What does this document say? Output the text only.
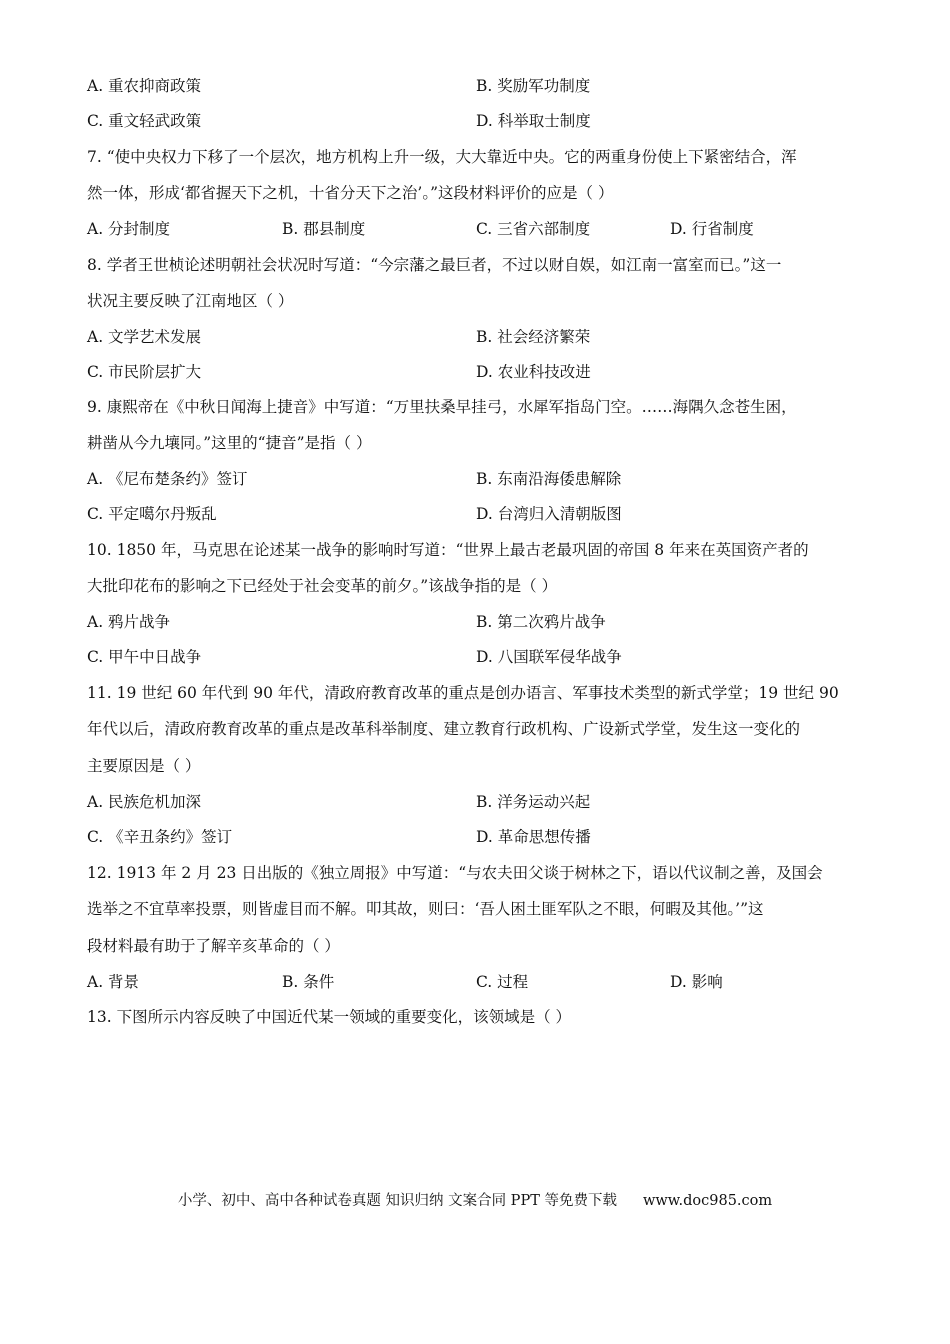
A. 重农抑商政策	B. 奖励军功制度
C. 重文轻武政策	D. 科举取士制度
7. “使中央权力下移了一个层次，地方机构上升一级，大大靠近中央。它的两重身份使上下紧密结合，浑
然一体，形成‘都省握天下之机，十省分天下之治’。”这段材料评价的应是（ ）
A. 分封制度	B. 郡县制度	C. 三省六部制度	D. 行省制度
8. 学者王世桢论述明朝社会状况时写道：“今宗藩之最巨者，不过以财自娱，如江南一富室而已。”这一
状况主要反映了江南地区（ ）
A. 文学艺术发展	B. 社会经济繁荣
C. 市民阶层扩大	D. 农业科技改进
9. 康熙帝在《中秋日闻海上捷音》中写道：“万里扶桑早挂弓，水犀军指岛门空。……海隅久念苍生困，
耕凿从今九壤同。”这里的“捷音”是指（ ）
A. 《尼布楚条约》签订	B. 东南沿海倭患解除
C. 平定噶尔丹叛乱	D. 台湾归入清朝版图
10. 1850 年，马克思在论述某一战争的影响时写道：“世界上最古老最巩固的帝国 8 年来在英国资产者的
大批印花布的影响之下已经处于社会变革的前夕。”该战争指的是（ ）
A. 鸦片战争	B. 第二次鸦片战争
C. 甲午中日战争	D. 八国联军侵华战争
11. 19 世纪 60 年代到 90 年代，清政府教育改革的重点是创办语言、军事技术类型的新式学堂；19 世纪 90
年代以后，清政府教育改革的重点是改革科举制度、建立教育行政机构、广设新式学堂，发生这一变化的
主要原因是（ ）
A. 民族危机加深	B. 洋务运动兴起
C. 《辛丑条约》签订	D. 革命思想传播
12. 1913 年 2 月 23 日出版的《独立周报》中写道：“与农夫田父谈于树林之下，语以代议制之善，及国会
选举之不宜草率投票，则皆虚目而不解。叩其故，则曰：‘吾人困土匪军队之不眼，何暇及其他。’”这
段材料最有助于了解辛亥革命的（ ）
A. 背景	B. 条件	C. 过程	D. 影响
13. 下图所示内容反映了中国近代某一领域的重要变化，该领域是（ ）
小学、初中、高中各种试卷真题 知识归纳 文案合同 PPT 等免费下载 www.doc985.com
